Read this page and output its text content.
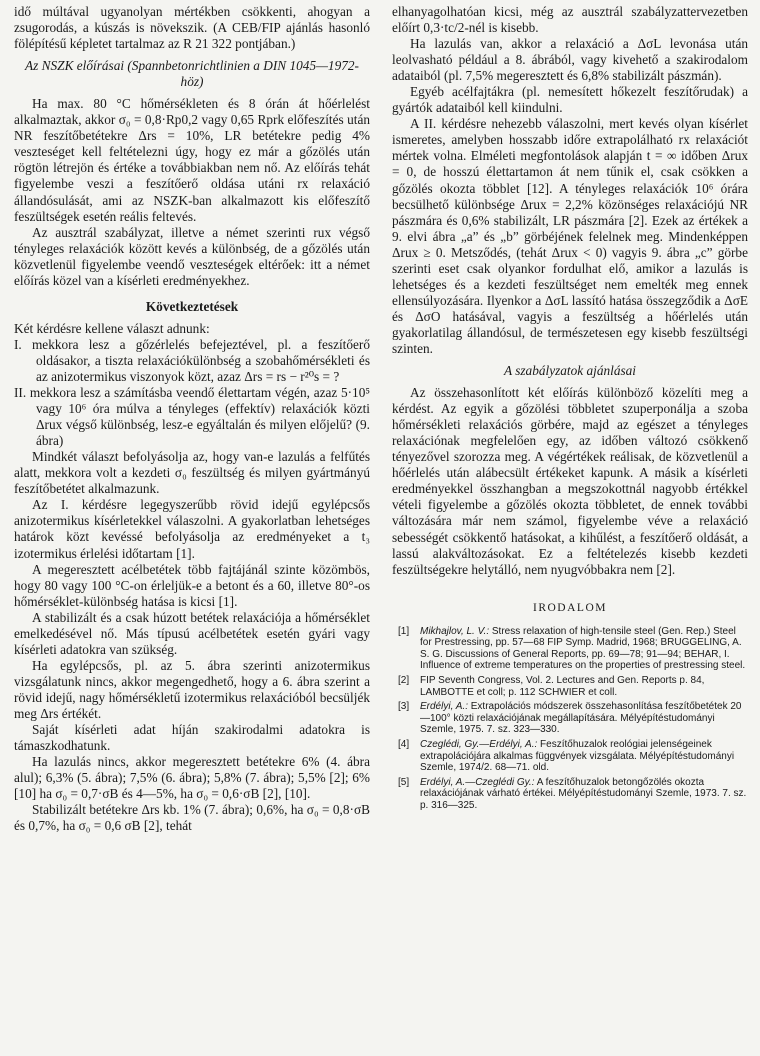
idő múltával ugyanolyan mértékben csökkenti, ahogyan a zsugorodás, a kúszás is növekszik. (A CEB/FIP ajánlás hasonló fölépítésű képletet tartalmaz az R 21 322 pontjában.)

Az NSZK előírásai (Spannbetonrichtlinien a DIN 1045—1972-höz)

Ha max. 80 °C hőmérsékleten és 8 órán át hőérlelést alkalmaztak, akkor σ₀ = 0,8·Rp0,2 vagy 0,65 Rprk előfeszítés után NR feszítőbetétekre Δrs = 10%, LR betétekre pedig 4% veszteséget kell feltételezni úgy, hogy ez már a gőzölés után rögtön létrejön és értéke a továbbiakban nem nő. Az előírás tehát figyelembe veszi a feszítőerő oldása utáni rx relaxáció állandósulását, ami az NSZK-ban alkalmazott kis előfeszítő feszültségek esetén reális feltevés.

Az ausztrál szabályzat, illetve a német szerinti rux végső tényleges relaxációk között kevés a különbség, de a gőzölés után közvetlenül figyelembe veendő veszteségek eltérőek: itt a német előírás közel van a kísérleti eredményekhez.

Következtetések

Két kérdésre kellene választ adnunk:

I. mekkora lesz a gőzérlelés befejeztével, pl. a feszítőerő oldásakor, a tiszta relaxációkülönbség a szobahőmérsékleti és az anizotermikus viszonyok közt, azaz Δrs = rs − r²⁰s = ?

II. mekkora lesz a számításba veendő élettartam végén, azaz 5·10⁵ vagy 10⁶ óra múlva a tényleges (effektív) relaxációk közti Δrux végső különbség, lesz-e egyáltalán és milyen előjelű? (9. ábra)

Mindkét választ befolyásolja az, hogy van-e lazulás a felfűtés alatt, mekkora volt a kezdeti σ₀ feszültség és milyen gyártmányú feszítőbetétet alkalmazunk.

Az I. kérdésre legegyszerűbb rövid idejű egylépcsős anizotermikus kísérletekkel válaszolni. A gyakorlatban lehetséges határok közt kevéssé befolyásolja az eredményeket a t₃ izotermikus érlelési időtartam [1].

A megeresztett acélbetétek több fajtájánál szinte közömbös, hogy 80 vagy 100 °C-on érleljük-e a betont és a 60, illetve 80°-os hőmérséklet-különbség hatása is kicsi [1].

A stabilizált és a csak húzott betétek relaxációja a hőmérséklet emelkedésével nő. Más típusú acélbetétek esetén gyári vagy kísérleti adatokra van szükség.

Ha egylépcsős, pl. az 5. ábra szerinti anizotermikus vizsgálatunk nincs, akkor megengedhető, hogy a 6. ábra szerint a rövid idejű, nagy hőmérsékletű izotermikus relaxációból becsüljék meg Δrs értékét.

Saját kísérleti adat híján szakirodalmi adatokra is támaszkodhatunk.

Ha lazulás nincs, akkor megeresztett betétekre 6% (4. ábra alul); 6,3% (5. ábra); 7,5% (6. ábra); 5,8% (7. ábra); 5,5% [2]; 6% [10] ha σ₀ = 0,7·σB és 4—5%, ha σ₀ = 0,6·σB [2], [10].

Stabilizált betétekre Δrs kb. 1% (7. ábra); 0,6%, ha σ₀ = 0,8·σB és 0,7%, ha σ₀ = 0,6 σB [2], tehát

elhanyagolhatóan kicsi, még az ausztrál szabályzattervezetben előírt 0,3·tc/2-nél is kisebb.

Ha lazulás van, akkor a relaxáció a ΔσL levonása után leolvasható például a 8. ábrából, vagy kivehető a szakirodalom adataiból (pl. 7,5% megeresztett és 6,8% stabilizált pászmán).

Egyéb acélfajtákra (pl. nemesített hőkezelt feszítőrudak) a gyártók adataiból kell kiindulni.

A II. kérdésre nehezebb válaszolni, mert kevés olyan kísérlet ismeretes, amelyben hosszabb időre extrapolálható rx relaxációt mértek volna. Elméleti megfontolások alapján t = ∞ időben Δrux = 0, de hosszú élettartamon át nem tűnik el, csak csökken a gőzölés okozta többlet [12]. A tényleges relaxációk 10⁶ órára becsülhető különbsége Δrux = 2,2% közönséges relaxációjú NR pászmára és 0,6% stabilizált, LR pászmára [2]. Ezek az értékek a 9. elvi ábra „a” és „b” görbéjének felelnek meg. Mindenképpen Δrux ≥ 0. Metsződés, (tehát Δrux < 0) vagyis 9. ábra „c” görbe szerinti eset csak olyankor fordulhat elő, amikor a lazulás is lehetséges és a kezdeti feszültséget nem emelték meg ennek ellensúlyozására. Ilyenkor a ΔσL lassító hatása összegződik a ΔσE és ΔσO hatásával, vagyis a feszültség a hőérlelés után gyakorlatilag állandósul, de természetesen egy kisebb feszültségi szinten.

A szabályzatok ajánlásai

Az összehasonlított két előírás különböző közelíti meg a kérdést. Az egyik a gőzölési többletet szuperponálja a szoba hőmérsékleti relaxációs görbére, majd az egészet a tényleges relaxációnak megfelelően egy, az időben változó csökkenő tényezővel szorozza meg. A végértékek reálisak, de közvetlenül a hőérlelés után alábecsült értékeket kapunk. A másik a kísérleti eredményekkel összhangban a megszokottnál nagyobb értékkel vételi figyelembe a gőzölés okozta többletet, de ennek további változására már nem számol, figyelembe véve a relaxáció sebességét csökkentő hatásokat, a kihűlést, a feszítőerő oldását, a lassú alakváltozásokat. Ez a feltételezés kisebb kezdeti feszültségekre helytálló, nem nyugvóbbakra nem [2].

IRODALOM
[1] Mikhajlov, L. V.: Stress relaxation of high-tensile steel (Gen. Rep.) Steel for Prestressing, pp. 57—68 FIP Symp. Madrid, 1968; BRUGGELING, A. S. G. Discussions of General Reports, pp. 69—78; 91—94; BEHAR, I. Influence of extreme temperatures on the properties of prestressing steel.
[2] FIP Seventh Congress, Vol. 2. Lectures and Gen. Reports p. 84, LAMBOTTE et coll; p. 112 SCHWIER et coll.
[3] Erdélyi, A.: Extrapolációs módszerek összehasonlítása feszítőbetétek 20—100° közti relaxációjának megállapítására. Mélyépítéstudományi Szemle, 1975. 7. sz. 323—330.
[4] Czeglédi, Gy.—Erdélyi, A.: Feszítőhuzalok reológiai jelenségeinek extrapolációjára alkalmas függvények vizsgálata. Mélyépítéstudományi Szemle, 1974/2. 68—71. old.
[5] Erdélyi, A.—Czeglédi Gy.: A feszítőhuzalok betongőzölés okozta relaxációjának várható értékei. Mélyépítéstudományi Szemle, 1973. 7. sz. p. 316—325.
